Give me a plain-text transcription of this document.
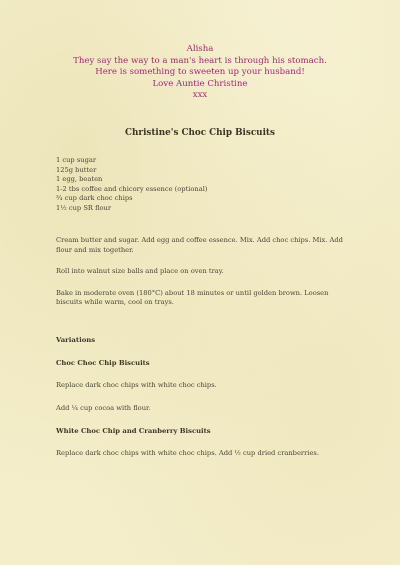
Alisha
They say the way to a man's heart is through his stomach.
Here is something to sweeten up your husband!
Love Auntie Christine
xxx
Christine's Choc Chip Biscuits
1 cup sugar
125g butter
1 egg, beaten
1-2 tbs coffee and chicory essence (optional)
¾ cup dark choc chips
1½ cup SR flour

Cream butter and sugar. Add egg and coffee essence. Mix. Add choc chips. Mix. Add flour and mix together.

Roll into walnut size balls and place on oven tray.

Bake in moderate oven (180°C) about 18 minutes or until golden brown. Loosen biscuits while warm, cool on trays.

Variations
Choc Choc Chip Biscuits
Replace dark choc chips with white choc chips.
Add ¼ cup cocoa with flour.
White Choc Chip and Cranberry Biscuits
Replace dark choc chips with white choc chips. Add ½ cup dried cranberries.
